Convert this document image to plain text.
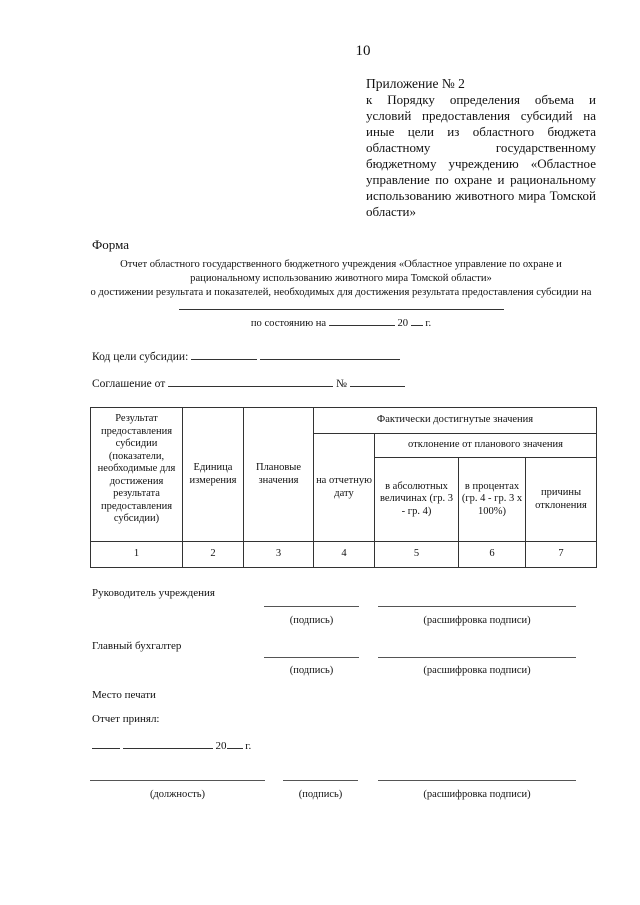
10
Приложение № 2
к Порядку определения объема и условий предоставления субсидий на иные цели из областного бюджета областному государственному бюджетному учреждению «Областное управление по охране и рациональному использованию животного мира Томской области»
Форма
Отчет областного государственного бюджетного учреждения «Областное управление по охране и рациональному использованию животного мира Томской области»
о достижении результата и показателей, необходимых для достижения результата предоставления субсидии на
по состоянию на	20 г.
Код цели субсидии:
Соглашение от	№
Результат предоставления субсидии (показатели, необходимые для достижения результата предоставления субсидии)	Единица измерения	Плановые значения	Фактически достигнутые значения			
			на отчетную дату	отклонение от планового значения		
				в абсолютных величинах (гр. 3 - гр. 4)	в процентах (гр. 4 - гр. 3 х 100%)	причины отклонения
1	2	3	4	5	6	7
Руководитель учреждения
(подпись)	(расшифровка подписи)
Главный бухгалтер
(подпись)	(расшифровка подписи)
Место печати
Отчет принял:
20 г.
(должность)	(подпись)	(расшифровка подписи)
